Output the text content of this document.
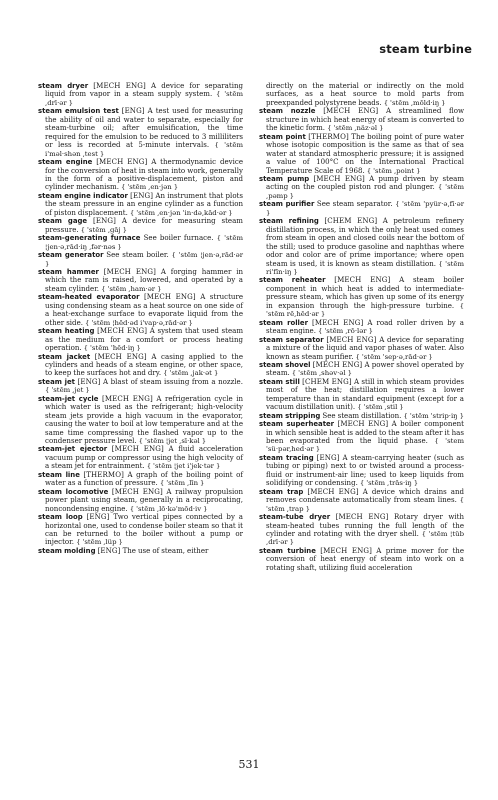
steam turbine

steam dryer [MECH ENG] A device for separating liquid from vapor in a steam supply system. { 'stēm ,drī·ər }

steam emulsion test [ENG] A test used for measuring the ability of oil and water to separate, especially for steam-turbine oil; after emulsification, the time required for the emulsion to be reduced to 3 milliliters or less is recorded at 5-minute intervals. { 'stēm i'məl·shən ,test }

steam engine [MECH ENG] A thermodynamic device for the conversion of heat in steam into work, generally in the form of a positive-displacement, piston and cylinder mechanism. { 'stēm ,en·jən }

steam engine indicator [ENG] An instrument that plots the steam pressure in an engine cylinder as a function of piston displacement. { 'stēm ,en·jən 'in·də,kād·ər }

steam gage [ENG] A device for measuring steam pressure. { 'stēm ,gāj }

steam-generating furnace See boiler furnace. { 'stēm ¦jen·ə,rād·iŋ ,fər·nəs }

steam generator See steam boiler. { 'stēm ¦jen·ə,rād·ər }

steam hammer [MECH ENG] A forging hammer in which the ram is raised, lowered, and operated by a steam cylinder. { 'stēm ,ham·ər }

steam-heated evaporator [MECH ENG] A structure using condensing steam as a heat source on one side of a heat-exchange surface to evaporate liquid from the other side. { 'stēm ¦hēd·əd i'vap·ə,rād·ər }

steam heating [MECH ENG] A system that used steam as the medium for a comfort or process heating operation. { 'stēm 'hēd·iŋ }

steam jacket [MECH ENG] A casing applied to the cylinders and heads of a steam engine, or other space, to keep the surfaces hot and dry. { 'stēm ,jak·ət }

steam jet [ENG] A blast of steam issuing from a nozzle. { 'stēm ,jet }

steam-jet cycle [MECH ENG] A refrigeration cycle in which water is used as the refrigerant; high-velocity steam jets provide a high vacuum in the evaporator, causing the water to boil at low temperature and at the same time compressing the flashed vapor up to the condenser pressure level. { 'stēm ¦jet ,sī·kəl }

steam-jet ejector [MECH ENG] A fluid acceleration vacuum pump or compressor using the high velocity of a steam jet for entrainment. { 'stēm ¦jet i'jek·tər }

steam line [THERMO] A graph of the boiling point of water as a function of pressure. { 'stēm ,līn }

steam locomotive [MECH ENG] A railway propulsion power plant using steam, generally in a reciprocating, noncondensing engine. { 'stēm ,lō·kə'mōd·iv }

steam loop [ENG] Two vertical pipes connected by a horizontal one, used to condense boiler steam so that it can be returned to the boiler without a pump or injector. { 'stēm ,lüp }

steam molding [ENG] The use of steam, either

directly on the material or indirectly on the mold surfaces, as a heat source to mold parts from preexpanded polystyrene beads. { 'stēm ,mōld·iŋ }

steam nozzle [MECH ENG] A streamlined flow structure in which heat energy of steam is converted to the kinetic form. { 'stēm ,näz·əl }

steam point [THERMO] The boiling point of pure water whose isotopic composition is the same as that of sea water at standard atmospheric pressure; it is assigned a value of 100°C on the International Practical Temperature Scale of 1968. { 'stēm ,point }

steam pump [MECH ENG] A pump driven by steam acting on the coupled piston rod and plunger. { 'stēm ,pəmp }

steam purifier See steam separator. { 'stēm 'pyür·ə,fī·ər }

steam refining [CHEM ENG] A petroleum refinery distillation process, in which the only heat used comes from steam in open and closed coils near the bottom of the still; used to produce gasoline and naphthas where odor and color are of prime importance; where open steam is used, it is known as steam distillation. { 'stēm ri'fīn·iŋ }

steam reheater [MECH ENG] A steam boiler component in which heat is added to intermediate-pressure steam, which has given up some of its energy in expansion through the high-pressure turbine. { 'stēm rē,hēd·ər }

steam roller [MECH ENG] A road roller driven by a steam engine. { 'stēm ,rō·lər }

steam separator [MECH ENG] A device for separating a mixture of the liquid and vapor phases of water. Also known as steam purifier. { 'stēm 'sep·ə,rād·ər }

steam shovel [MECH ENG] A power shovel operated by steam. { 'stēm ,shəv·əl }

steam still [CHEM ENG] A still in which steam provides most of the heat; distillation requires a lower temperature than in standard equipment (except for a vacuum distillation unit). { 'stēm ,stil }

steam stripping See steam distillation. { 'stēm 'strip·iŋ }

steam superheater [MECH ENG] A boiler component in which sensible heat is added to the steam after it has been evaporated from the liquid phase. { 'stem 'sü·pər,hed·ər }

steam tracing [ENG] A steam-carrying heater (such as tubing or piping) next to or twisted around a process-fluid or instrument-air line; used to keep liquids from solidifying or condensing. { 'stēm ,trās·iŋ }

steam trap [MECH ENG] A device which drains and removes condensate automatically from steam lines. { 'stēm ,trap }

steam-tube dryer [MECH ENG] Rotary dryer with steam-heated tubes running the full length of the cylinder and rotating with the dryer shell. { 'stēm ¦tüb ,drī·ər }

steam turbine [MECH ENG] A prime mover for the conversion of heat energy of steam into work on a rotating shaft, utilizing fluid acceleration

531
